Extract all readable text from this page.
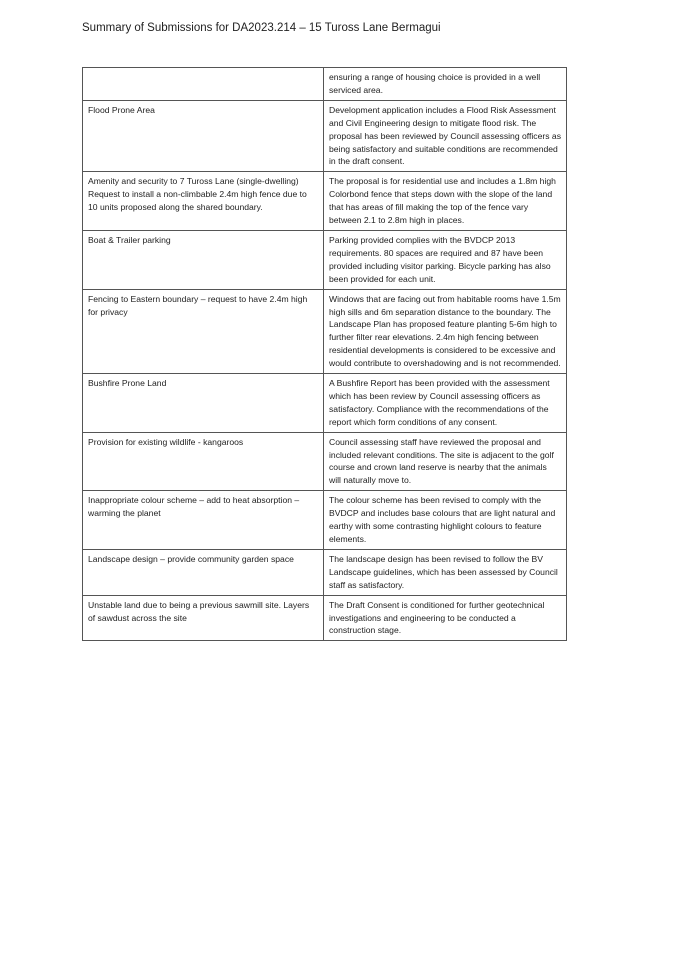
Summary of Submissions for DA2023.214 – 15 Tuross Lane Bermagui
	ensuring a range of housing choice is provided in a well serviced area.
Flood Prone Area	Development application includes a Flood Risk Assessment and Civil Engineering design to mitigate flood risk. The proposal has been reviewed by Council assessing officers as being satisfactory and suitable conditions are recommended in the draft consent.
Amenity and security to 7 Tuross Lane (single-dwelling) Request to install a non-climbable 2.4m high fence due to 10 units proposed along the shared boundary.	The proposal is for residential use and includes a 1.8m high Colorbond fence that steps down with the slope of the land that has areas of fill making the top of the fence vary between 2.1 to 2.8m high in places.
Boat & Trailer parking	Parking provided complies with the BVDCP 2013 requirements. 80 spaces are required and 87 have been provided including visitor parking. Bicycle parking has also been provided for each unit.
Fencing to Eastern boundary – request to have 2.4m high for privacy	Windows that are facing out from habitable rooms have 1.5m high sills and 6m separation distance to the boundary. The Landscape Plan has proposed feature planting 5-6m high to further filter rear elevations. 2.4m high fencing between residential developments is considered to be excessive and would contribute to overshadowing and is not recommended.
Bushfire Prone Land	A Bushfire Report has been provided with the assessment which has been review by Council assessing officers as satisfactory. Compliance with the recommendations of the report which form conditions of any consent.
Provision for existing wildlife - kangaroos	Council assessing staff have reviewed the proposal and included relevant conditions. The site is adjacent to the golf course and crown land reserve is nearby that the animals will naturally move to.
Inappropriate colour scheme – add to heat absorption – warming the planet	The colour scheme has been revised to comply with the BVDCP and includes base colours that are light natural and earthy with some contrasting highlight colours to feature elements.
Landscape design – provide community garden space	The landscape design has been revised to follow the BV Landscape guidelines, which has been assessed by Council staff as satisfactory.
Unstable land due to being a previous sawmill site. Layers of sawdust across the site	The Draft Consent is conditioned for further geotechnical investigations and engineering to be conducted a construction stage.
